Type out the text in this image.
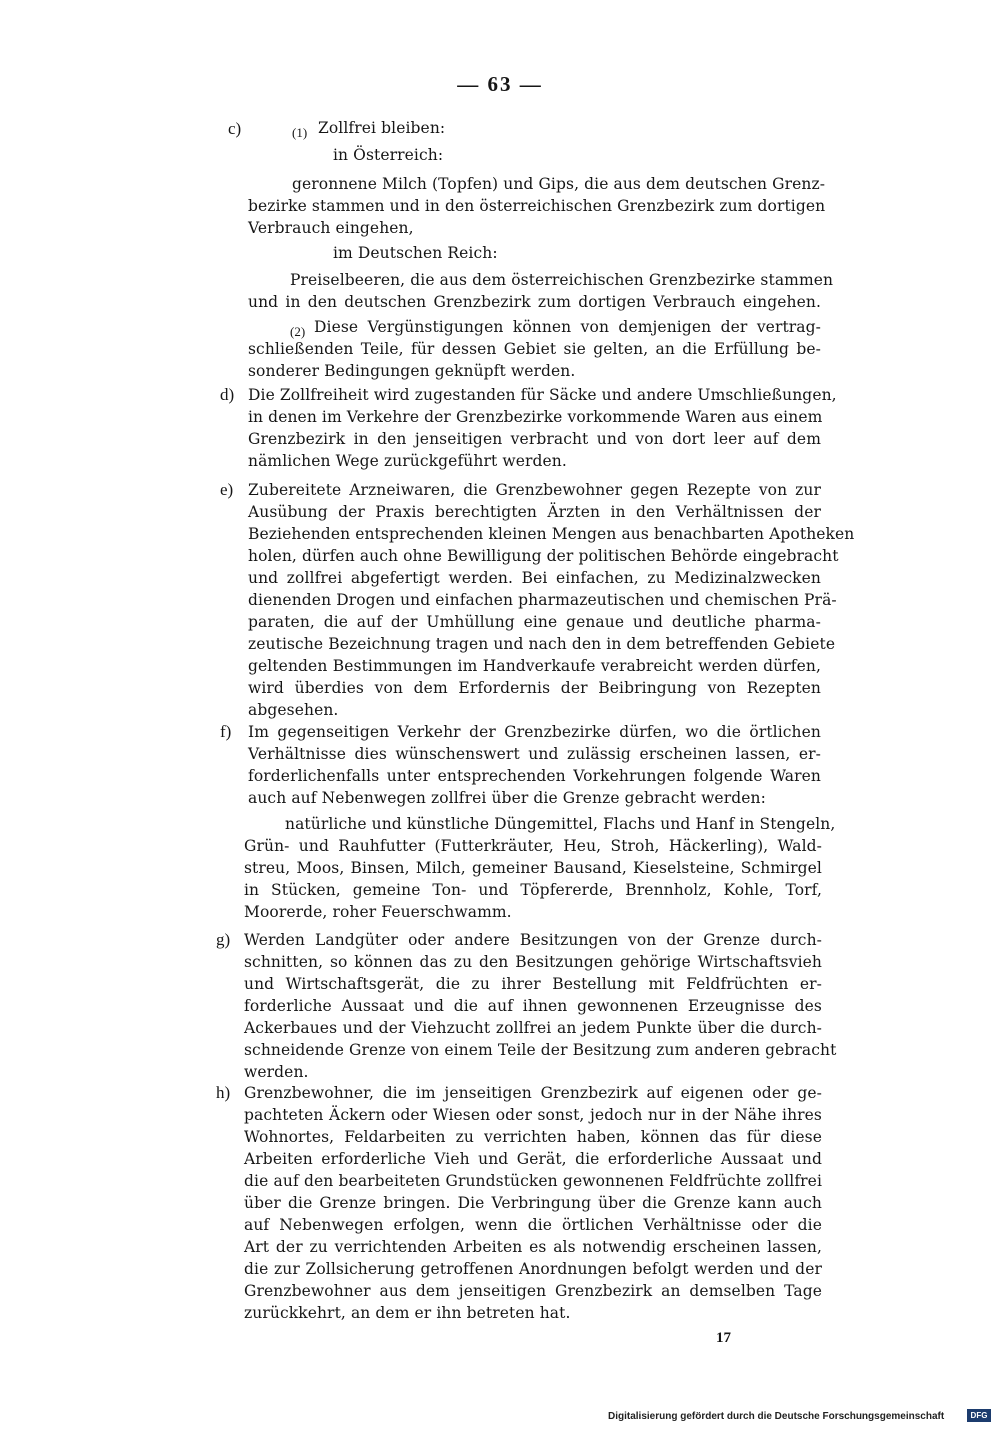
— 63 —
c)	(1) Zollfrei bleiben:
in Österreich:
geronnene Milch (Topfen) und Gips, die aus dem deutschen Grenz-
bezirke stammen und in den österreichischen Grenzbezirk zum dortigen
Verbrauch eingehen,
im Deutschen Reich:
Preiselbeeren, die aus dem österreichischen Grenzbezirke stammen
und in den deutschen Grenzbezirk zum dortigen Verbrauch eingehen.
(2) Diese Vergünstigungen können von demjenigen der vertrag-
schließenden Teile, für dessen Gebiet sie gelten, an die Erfüllung be-
sonderer Bedingungen geknüpft werden.
d) Die Zollfreiheit wird zugestanden für Säcke und andere Umschließungen,
in denen im Verkehre der Grenzbezirke vorkommende Waren aus einem
Grenzbezirk in den jenseitigen verbracht und von dort leer auf dem
nämlichen Wege zurückgeführt werden.
e) Zubereitete Arzneiwaren, die Grenzbewohner gegen Rezepte von zur
Ausübung der Praxis berechtigten Ärzten in den Verhältnissen der
Beziehenden entsprechenden kleinen Mengen aus benachbarten Apotheken
holen, dürfen auch ohne Bewilligung der politischen Behörde eingebracht
und zollfrei abgefertigt werden. Bei einfachen, zu Medizinalzwecken
dienenden Drogen und einfachen pharmazeutischen und chemischen Prä-
paraten, die auf der Umhüllung eine genaue und deutliche pharma-
zeutische Bezeichnung tragen und nach den in dem betreffenden Gebiete
geltenden Bestimmungen im Handverkaufe verabreicht werden dürfen,
wird überdies von dem Erfordernis der Beibringung von Rezepten
abgesehen.
f) Im gegenseitigen Verkehr der Grenzbezirke dürfen, wo die örtlichen
Verhältnisse dies wünschenswert und zulässig erscheinen lassen, er-
forderlichenfalls unter entsprechenden Vorkehrungen folgende Waren
auch auf Nebenwegen zollfrei über die Grenze gebracht werden:
natürliche und künstliche Düngemittel, Flachs und Hanf in Stengeln,
Grün- und Rauhfutter (Futterkräuter, Heu, Stroh, Häckerling), Wald-
streu, Moos, Binsen, Milch, gemeiner Bausand, Kieselsteine, Schmirgel
in Stücken, gemeine Ton- und Töpfererde, Brennholz, Kohle, Torf,
Moorerde, roher Feuerschwamm.
g) Werden Landgüter oder andere Besitzungen von der Grenze durch-
schnitten, so können das zu den Besitzungen gehörige Wirtschaftsvieh
und Wirtschaftsgerät, die zu ihrer Bestellung mit Feldfrüchten er-
forderliche Aussaat und die auf ihnen gewonnenen Erzeugnisse des
Ackerbaues und der Viehzucht zollfrei an jedem Punkte über die durch-
schneidende Grenze von einem Teile der Besitzung zum anderen gebracht
werden.
h) Grenzbewohner, die im jenseitigen Grenzbezirk auf eigenen oder ge-
pachteten Äckern oder Wiesen oder sonst, jedoch nur in der Nähe ihres
Wohnortes, Feldarbeiten zu verrichten haben, können das für diese
Arbeiten erforderliche Vieh und Gerät, die erforderliche Aussaat und
die auf den bearbeiteten Grundstücken gewonnenen Feldfrüchte zollfrei
über die Grenze bringen. Die Verbringung über die Grenze kann auch
auf Nebenwegen erfolgen, wenn die örtlichen Verhältnisse oder die
Art der zu verrichtenden Arbeiten es als notwendig erscheinen lassen,
die zur Zollsicherung getroffenen Anordnungen befolgt werden und der
Grenzbewohner aus dem jenseitigen Grenzbezirk an demselben Tage
zurückkehrt, an dem er ihn betreten hat.
17
Digitalisierung gefördert durch die Deutsche Forschungsgemeinschaft	DFG
